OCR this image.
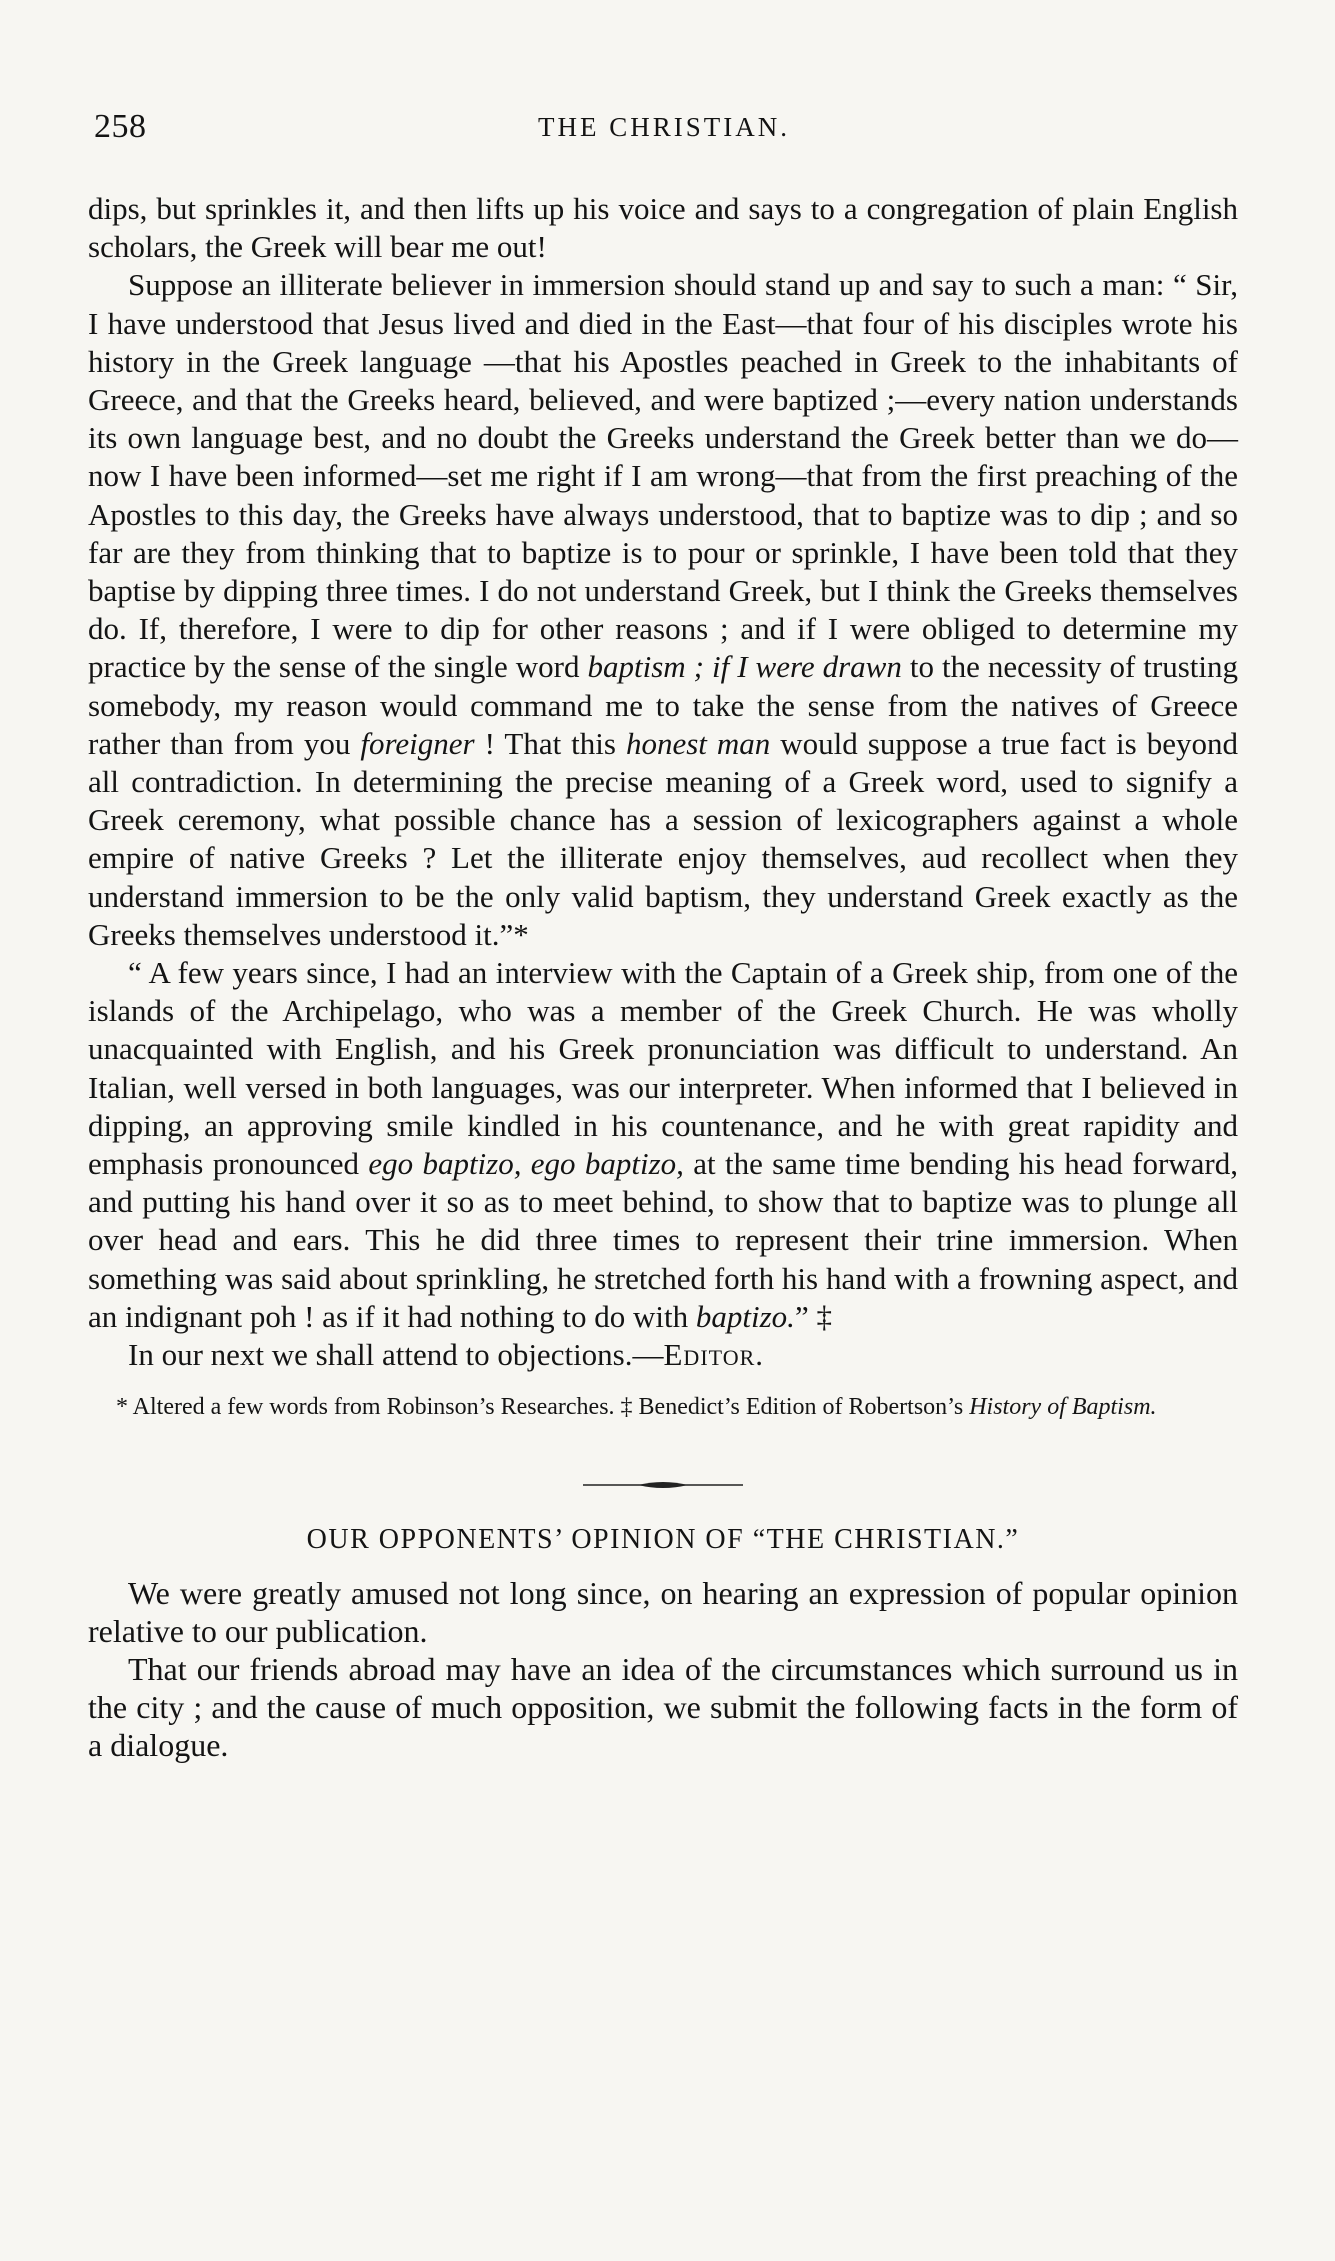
258	THE CHRISTIAN.

dips, but sprinkles it, and then lifts up his voice and says to a congregation of plain English scholars, the Greek will bear me out!

Suppose an illiterate believer in immersion should stand up and say to such a man: “ Sir, I have understood that Jesus lived and died in the East—that four of his disciples wrote his history in the Greek language —that his Apostles peached in Greek to the inhabitants of Greece, and that the Greeks heard, believed, and were baptized ;—every nation understands its own language best, and no doubt the Greeks understand the Greek better than we do—now I have been informed—set me right if I am wrong—that from the first preaching of the Apostles to this day, the Greeks have always understood, that to baptize was to dip ; and so far are they from thinking that to baptize is to pour or sprinkle, I have been told that they baptise by dipping three times. I do not understand Greek, but I think the Greeks themselves do. If, therefore, I were to dip for other reasons ; and if I were obliged to determine my practice by the sense of the single word baptism ; if I were drawn to the necessity of trusting somebody, my reason would command me to take the sense from the natives of Greece rather than from you foreigner ! That this honest man would suppose a true fact is beyond all contradiction. In determining the precise meaning of a Greek word, used to signify a Greek ceremony, what possible chance has a session of lexicographers against a whole empire of native Greeks ? Let the illiterate enjoy themselves, aud recollect when they understand immersion to be the only valid baptism, they understand Greek exactly as the Greeks themselves understood it.”*

“ A few years since, I had an interview with the Captain of a Greek ship, from one of the islands of the Archipelago, who was a member of the Greek Church. He was wholly unacquainted with English, and his Greek pronunciation was difficult to understand. An Italian, well versed in both languages, was our interpreter. When informed that I believed in dipping, an approving smile kindled in his countenance, and he with great rapidity and emphasis pronounced ego baptizo, ego baptizo, at the same time bending his head forward, and putting his hand over it so as to meet behind, to show that to baptize was to plunge all over head and ears. This he did three times to represent their trine immersion. When something was said about sprinkling, he stretched forth his hand with a frowning aspect, and an indignant poh ! as if it had nothing to do with baptizo.” ‡

In our next we shall attend to objections.—Editor.

* Altered a few words from Robinson’s Researches. ‡ Benedict’s Edition of Robertson’s History of Baptism.

OUR OPPONENTS’ OPINION OF “THE CHRISTIAN.”

We were greatly amused not long since, on hearing an expression of popular opinion relative to our publication.

That our friends abroad may have an idea of the circumstances which surround us in the city ; and the cause of much opposition, we submit the following facts in the form of a dialogue.
